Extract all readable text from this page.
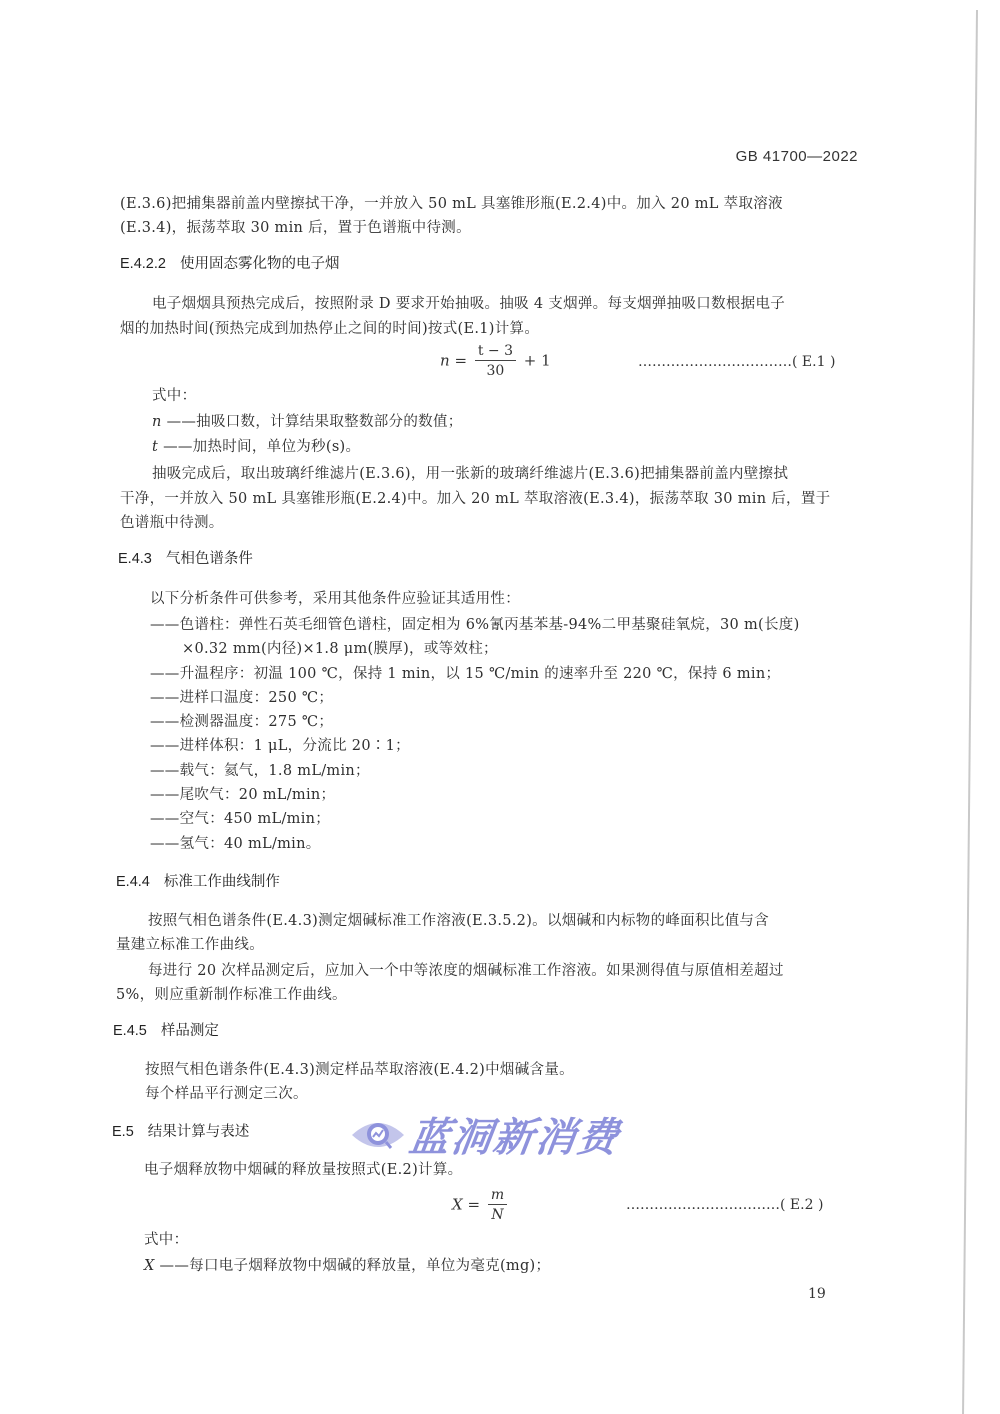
GB 41700—2022
(E.3.6)把捕集器前盖内壁擦拭干净，一并放入 50 mL 具塞锥形瓶(E.2.4)中。加入 20 mL 萃取溶液
(E.3.4)，振荡萃取 30 min 后，置于色谱瓶中待测。
E.4.2.2 使用固态雾化物的电子烟
电子烟烟具预热完成后，按照附录 D 要求开始抽吸。抽吸 4 支烟弹。每支烟弹抽吸口数根据电子
烟的加热时间(预热完成到加热停止之间的时间)按式(E.1)计算。
$n = \frac{t - 3}{30} + 1$	……………………………( E.1 )
式中：
n ——抽吸口数，计算结果取整数部分的数值；
t ——加热时间，单位为秒(s)。
抽吸完成后，取出玻璃纤维滤片(E.3.6)，用一张新的玻璃纤维滤片(E.3.6)把捕集器前盖内壁擦拭
干净，一并放入 50 mL 具塞锥形瓶(E.2.4)中。加入 20 mL 萃取溶液(E.3.4)，振荡萃取 30 min 后，置于
色谱瓶中待测。
E.4.3 气相色谱条件
以下分析条件可供参考，采用其他条件应验证其适用性：
——色谱柱：弹性石英毛细管色谱柱，固定相为 6%氰丙基苯基-94%二甲基聚硅氧烷，30 m(长度)
×0.32 mm(内径)×1.8 μm(膜厚)，或等效柱；
——升温程序：初温 100 ℃，保持 1 min，以 15 ℃/min 的速率升至 220 ℃，保持 6 min；
——进样口温度：250 ℃；
——检测器温度：275 ℃；
——进样体积：1 μL，分流比 20∶1；
——载气：氦气，1.8 mL/min；
——尾吹气：20 mL/min；
——空气：450 mL/min；
——氢气：40 mL/min。
E.4.4 标准工作曲线制作
按照气相色谱条件(E.4.3)测定烟碱标准工作溶液(E.3.5.2)。以烟碱和内标物的峰面积比值与含
量建立标准工作曲线。
每进行 20 次样品测定后，应加入一个中等浓度的烟碱标准工作溶液。如果测得值与原值相差超过
5%，则应重新制作标准工作曲线。
E.4.5 样品测定
按照气相色谱条件(E.4.3)测定样品萃取溶液(E.4.2)中烟碱含量。
每个样品平行测定三次。
E.5 结果计算与表述
电子烟释放物中烟碱的释放量按照式(E.2)计算。
$X = \frac{m}{N}$	……………………………( E.2 )
式中：
X ——每口电子烟释放物中烟碱的释放量，单位为毫克(mg)；
蓝洞新消费
19
